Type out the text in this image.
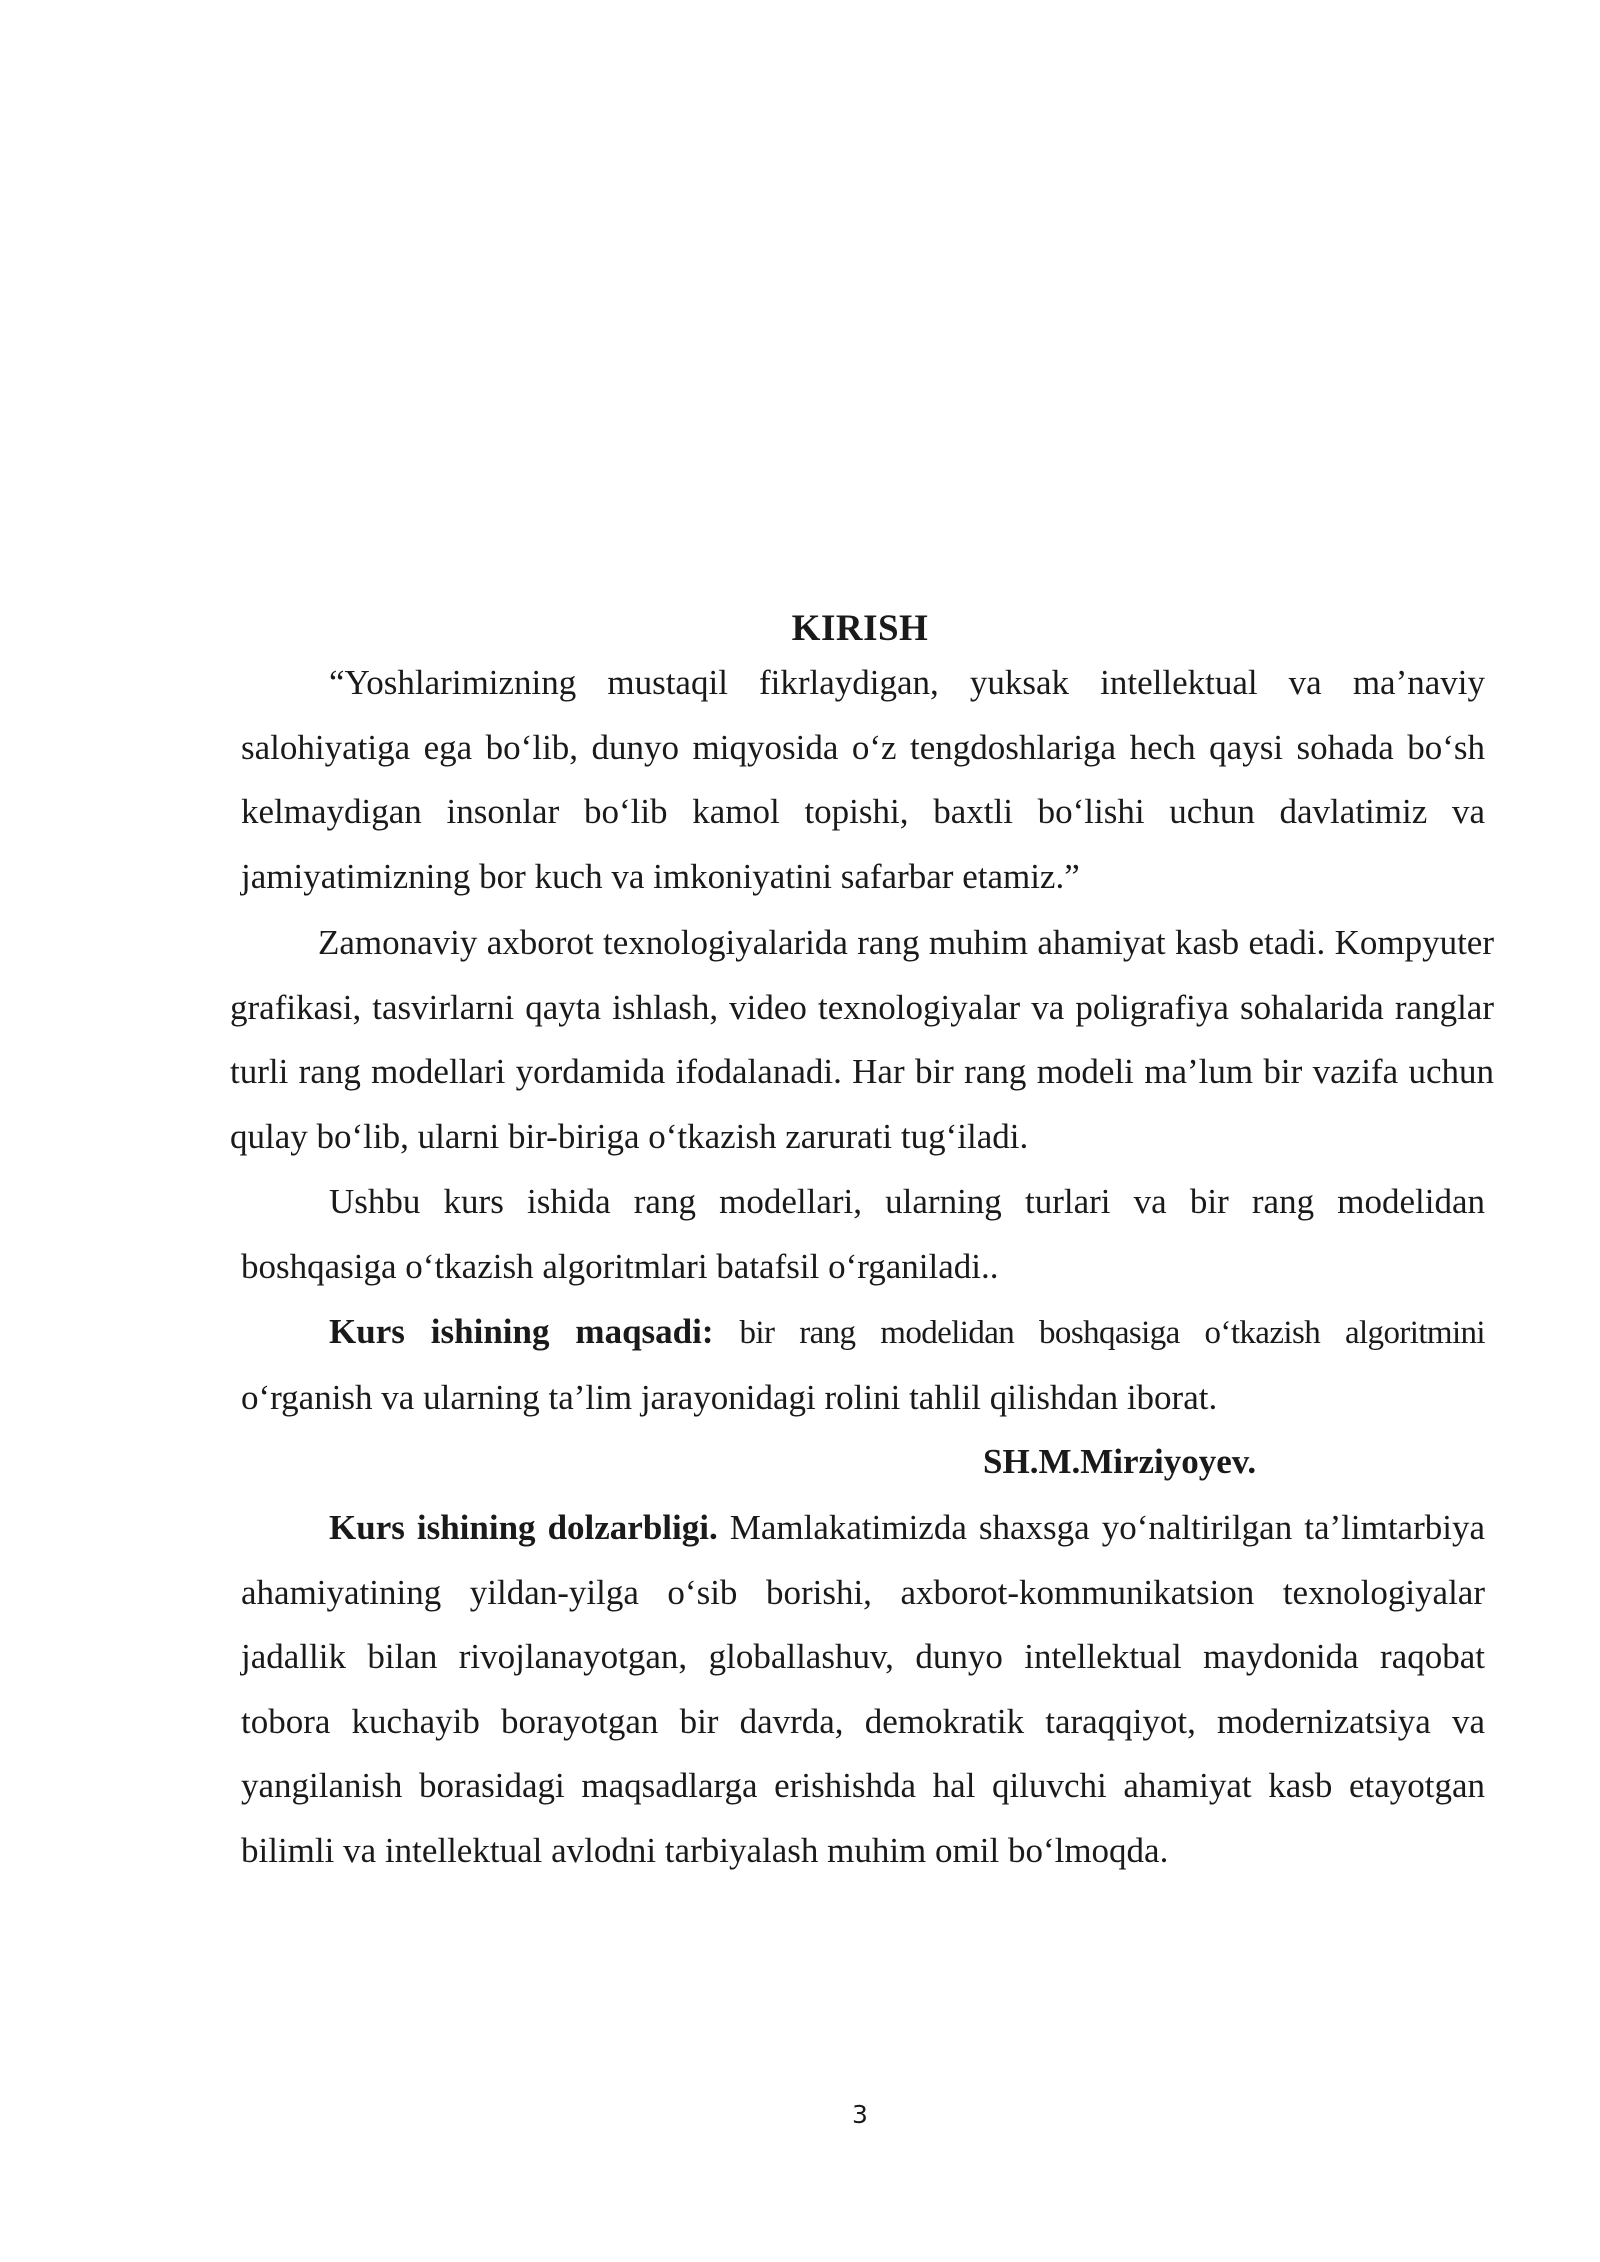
KIRISH

“Yoshlarimizning mustaqil fikrlaydigan, yuksak intellektual va ma’naviy salohiyatiga ega bo‘lib, dunyo miqyosida o‘z tengdoshlariga hech qaysi sohada bo‘sh kelmaydigan insonlar bo‘lib kamol topishi, baxtli bo‘lishi uchun davlatimiz va jamiyatimizning bor kuch va imkoniyatini safarbar etamiz.”

Zamonaviy axborot texnologiyalarida rang muhim ahamiyat kasb etadi. Kompyuter grafikasi, tasvirlarni qayta ishlash, video texnologiyalar va poligrafiya sohalarida ranglar turli rang modellari yordamida ifodalanadi. Har bir rang modeli ma’lum bir vazifa uchun qulay bo‘lib, ularni bir-biriga o‘tkazish zarurati tug‘iladi.

Ushbu kurs ishida rang modellari, ularning turlari va bir rang modelidan boshqasiga o‘tkazish algoritmlari batafsil o‘rganiladi..

Kurs ishining maqsadi: bir rang modelidan boshqasiga o‘tkazish algoritmini

o‘rganish va ularning ta’lim jarayonidagi rolini tahlil qilishdan iborat.
SH.M.Mirziyoyev.

Kurs ishining dolzarbligi. Mamlakatimizda shaxsga yo‘naltirilgan ta’limtarbiya ahamiyatining yildan-yilga o‘sib borishi, axborot-kommunikatsion texnologiyalar jadallik bilan rivojlanayotgan, globallashuv, dunyo intellektual maydonida raqobat tobora kuchayib borayotgan bir davrda, demokratik taraqqiyot, modernizatsiya va yangilanish borasidagi maqsadlarga erishishda hal qiluvchi ahamiyat kasb etayotgan bilimli va intellektual avlodni tarbiyalash muhim omil bo‘lmoqda.

3
